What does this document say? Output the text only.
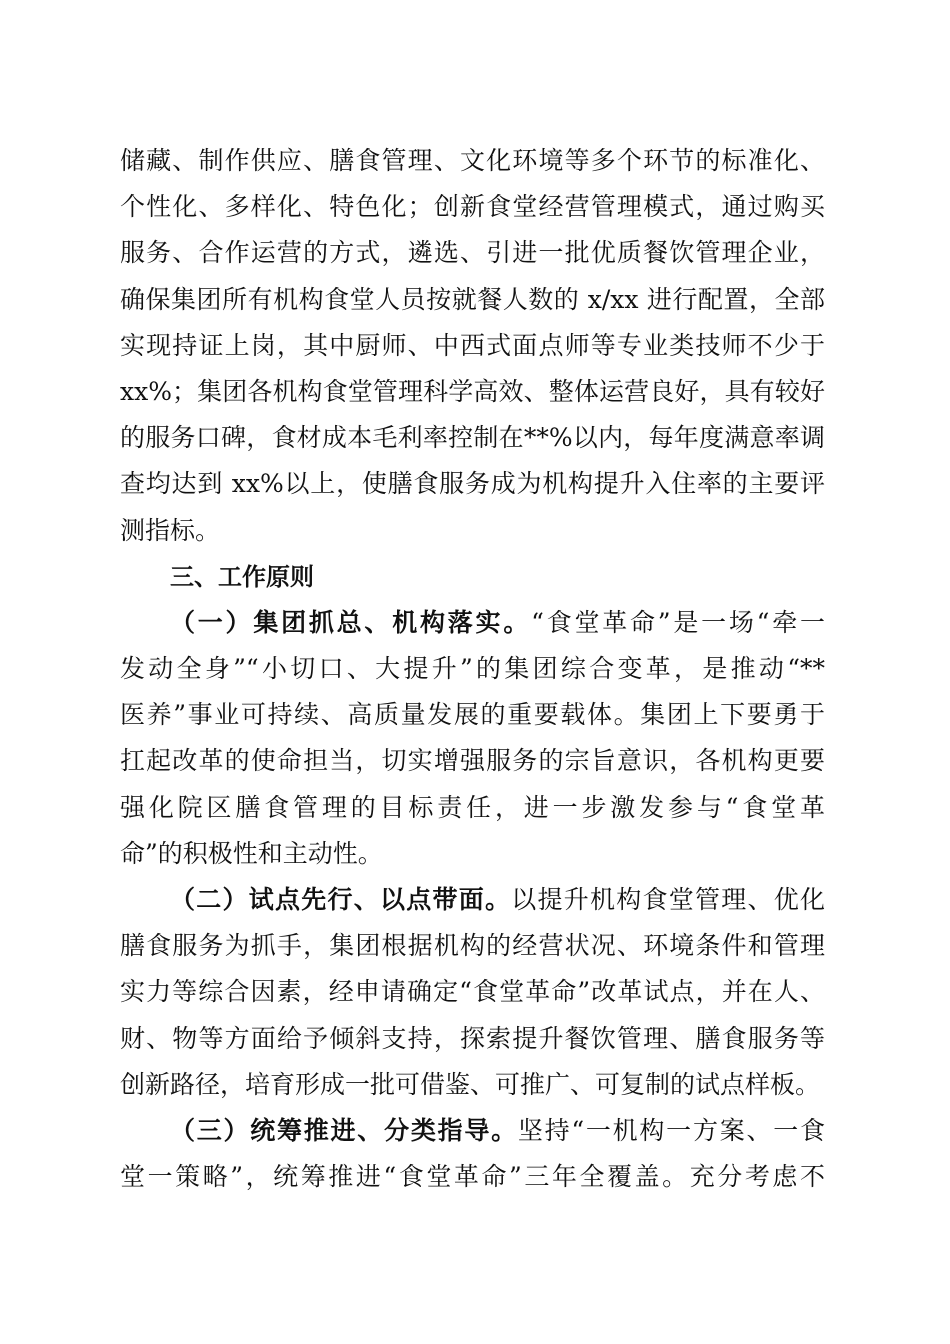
储藏、制作供应、膳食管理、文化环境等多个环节的标准化、
个性化、多样化、特色化；创新食堂经营管理模式，通过购买
服务、合作运营的方式，遴选、引进一批优质餐饮管理企业，
确保集团所有机构食堂人员按就餐人数的 x/xx 进行配置，全部
实现持证上岗，其中厨师、中西式面点师等专业类技师不少于
xx%；集团各机构食堂管理科学高效、整体运营良好，具有较好
的服务口碑，食材成本毛利率控制在**%以内，每年度满意率调
查均达到 xx%以上，使膳食服务成为机构提升入住率的主要评
测指标。
三、工作原则
（一）集团抓总、机构落实。“食堂革命”是一场“牵一
发动全身”“小切口、大提升”的集团综合变革，是推动“**
医养”事业可持续、高质量发展的重要载体。集团上下要勇于
扛起改革的使命担当，切实增强服务的宗旨意识，各机构更要
强化院区膳食管理的目标责任，进一步激发参与“食堂革
命”的积极性和主动性。
（二）试点先行、以点带面。以提升机构食堂管理、优化
膳食服务为抓手，集团根据机构的经营状况、环境条件和管理
实力等综合因素，经申请确定“食堂革命”改革试点，并在人、
财、物等方面给予倾斜支持，探索提升餐饮管理、膳食服务等
创新路径，培育形成一批可借鉴、可推广、可复制的试点样板。
（三）统筹推进、分类指导。坚持“一机构一方案、一食
堂一策略”，统筹推进“食堂革命”三年全覆盖。充分考虑不
